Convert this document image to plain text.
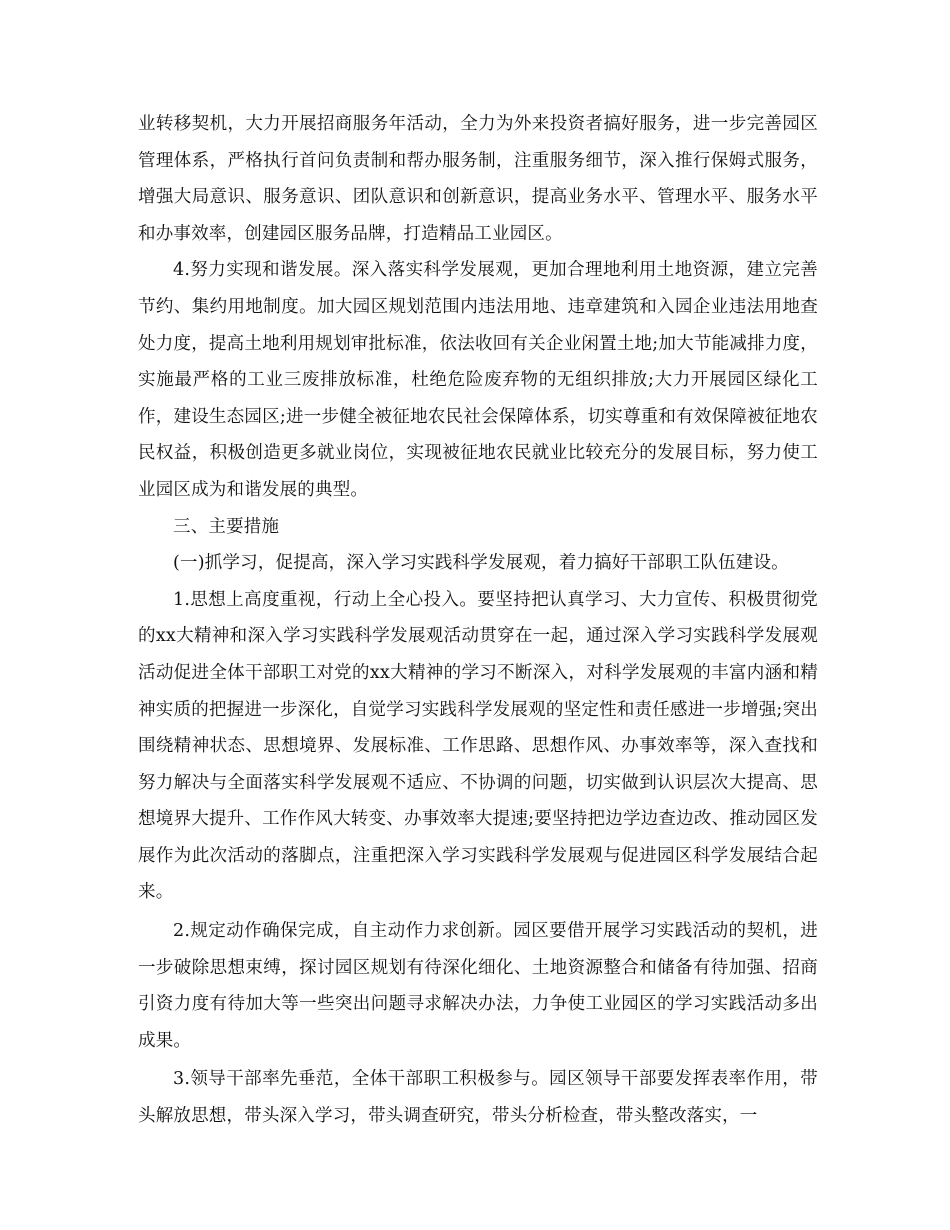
业转移契机，大力开展招商服务年活动，全力为外来投资者搞好服务，进一步完善园区管理体系，严格执行首问负责制和帮办服务制，注重服务细节，深入推行保姆式服务，增强大局意识、服务意识、团队意识和创新意识，提高业务水平、管理水平、服务水平和办事效率，创建园区服务品牌，打造精品工业园区。

4.努力实现和谐发展。深入落实科学发展观，更加合理地利用土地资源，建立完善节约、集约用地制度。加大园区规划范围内违法用地、违章建筑和入园企业违法用地查处力度，提高土地利用规划审批标准，依法收回有关企业闲置土地;加大节能减排力度，实施最严格的工业三废排放标准，杜绝危险废弃物的无组织排放;大力开展园区绿化工作，建设生态园区;进一步健全被征地农民社会保障体系，切实尊重和有效保障被征地农民权益，积极创造更多就业岗位，实现被征地农民就业比较充分的发展目标，努力使工业园区成为和谐发展的典型。

三、主要措施

(一)抓学习，促提高，深入学习实践科学发展观，着力搞好干部职工队伍建设。

1.思想上高度重视，行动上全心投入。要坚持把认真学习、大力宣传、积极贯彻党的xx大精神和深入学习实践科学发展观活动贯穿在一起，通过深入学习实践科学发展观活动促进全体干部职工对党的xx大精神的学习不断深入，对科学发展观的丰富内涵和精神实质的把握进一步深化，自觉学习实践科学发展观的坚定性和责任感进一步增强;突出围绕精神状态、思想境界、发展标准、工作思路、思想作风、办事效率等，深入查找和努力解决与全面落实科学发展观不适应、不协调的问题，切实做到认识层次大提高、思想境界大提升、工作作风大转变、办事效率大提速;要坚持把边学边查边改、推动园区发展作为此次活动的落脚点，注重把深入学习实践科学发展观与促进园区科学发展结合起来。

2.规定动作确保完成，自主动作力求创新。园区要借开展学习实践活动的契机，进一步破除思想束缚，探讨园区规划有待深化细化、土地资源整合和储备有待加强、招商引资力度有待加大等一些突出问题寻求解决办法，力争使工业园区的学习实践活动多出成果。

3.领导干部率先垂范，全体干部职工积极参与。园区领导干部要发挥表率作用，带头解放思想，带头深入学习，带头调查研究，带头分析检查，带头整改落实，一
